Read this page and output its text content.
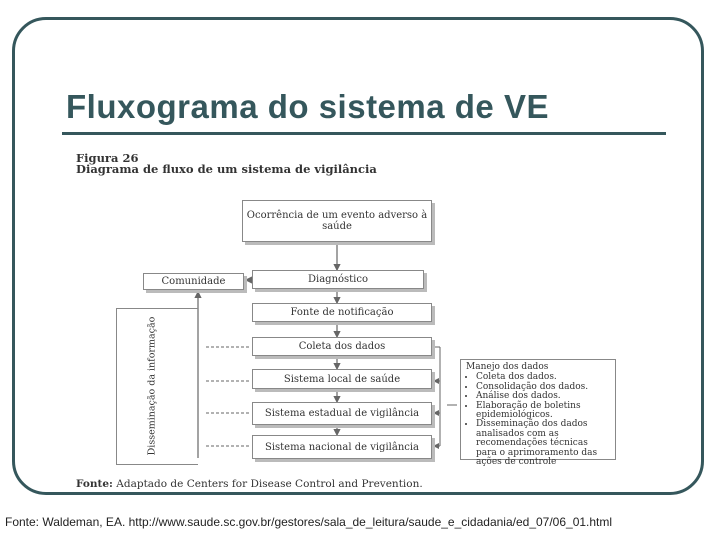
Fluxograma do sistema de VE
Figura 26
Diagrama de fluxo de um sistema de vigilância
Ocorrência de um evento adverso à saúde
Diagnóstico
Comunidade
Fonte de notificação
Coleta dos dados
Sistema local de saúde
Sistema estadual de vigilância
Sistema nacional de vigilância
Disseminação da informação	Manejo dos dados
• Coleta dos dados.
• Consolidação dos dados.
• Análise dos dados.
• Elaboração de boletins epidemiológicos.
• Disseminação dos dados analisados com as recomendações técnicas para o aprimoramento das ações de controle
Fonte: Adaptado de Centers for Disease Control and Prevention.
Fonte: Waldeman, EA. http://www.saude.sc.gov.br/gestores/sala_de_leitura/saude_e_cidadania/ed_07/06_01.html
